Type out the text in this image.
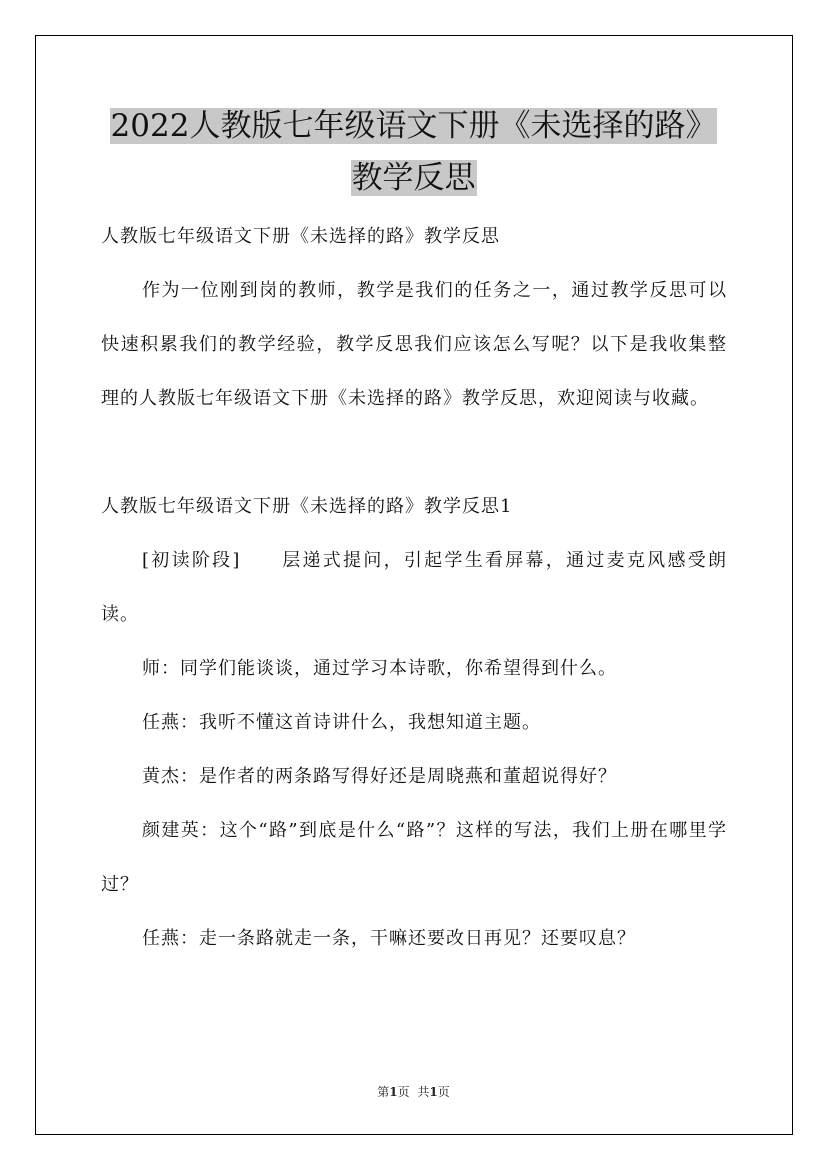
2022人教版七年级语文下册《未选择的路》教学反思

人教版七年级语文下册《未选择的路》教学反思

作为一位刚到岗的教师，教学是我们的任务之一，通过教学反思可以快速积累我们的教学经验，教学反思我们应该怎么写呢？以下是我收集整理的人教版七年级语文下册《未选择的路》教学反思，欢迎阅读与收藏。

人教版七年级语文下册《未选择的路》教学反思1

[初读阶段]　　层递式提问，引起学生看屏幕，通过麦克风感受朗读。

师：同学们能谈谈，通过学习本诗歌，你希望得到什么。

任燕：我听不懂这首诗讲什么，我想知道主题。

黄杰：是作者的两条路写得好还是周晓燕和董超说得好？

颜建英：这个“路”到底是什么“路”？这样的写法，我们上册在哪里学过？

任燕：走一条路就走一条，干嘛还要改日再见？还要叹息？

第1页 共1页
